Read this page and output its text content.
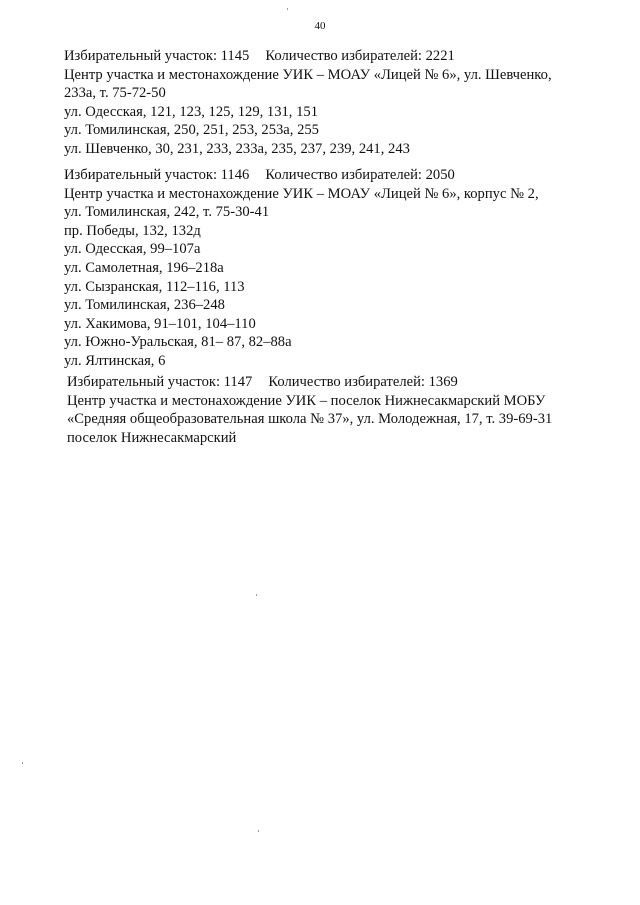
40
Избирательный участок: 1145 Количество избирателей: 2221
Центр участка и местонахождение УИК – МОАУ «Лицей № 6», ул. Шевченко,
233а, т. 75-72-50
ул. Одесская, 121, 123, 125, 129, 131, 151
ул. Томилинская, 250, 251, 253, 253а, 255
ул. Шевченко, 30, 231, 233, 233а, 235, 237, 239, 241, 243
Избирательный участок: 1146 Количество избирателей: 2050
Центр участка и местонахождение УИК – МОАУ «Лицей № 6», корпус № 2,
ул. Томилинская, 242, т. 75-30-41
пр. Победы, 132, 132д
ул. Одесская, 99–107а
ул. Самолетная, 196–218а
ул. Сызранская, 112–116, 113
ул. Томилинская, 236–248
ул. Хакимова, 91–101, 104–110
ул. Южно-Уральская, 81– 87, 82–88а
ул. Ялтинская, 6
Избирательный участок: 1147 Количество избирателей: 1369
Центр участка и местонахождение УИК – поселок Нижнесакмарский МОБУ
«Средняя общеобразовательная школа № 37», ул. Молодежная, 17, т. 39-69-31
поселок Нижнесакмарский
